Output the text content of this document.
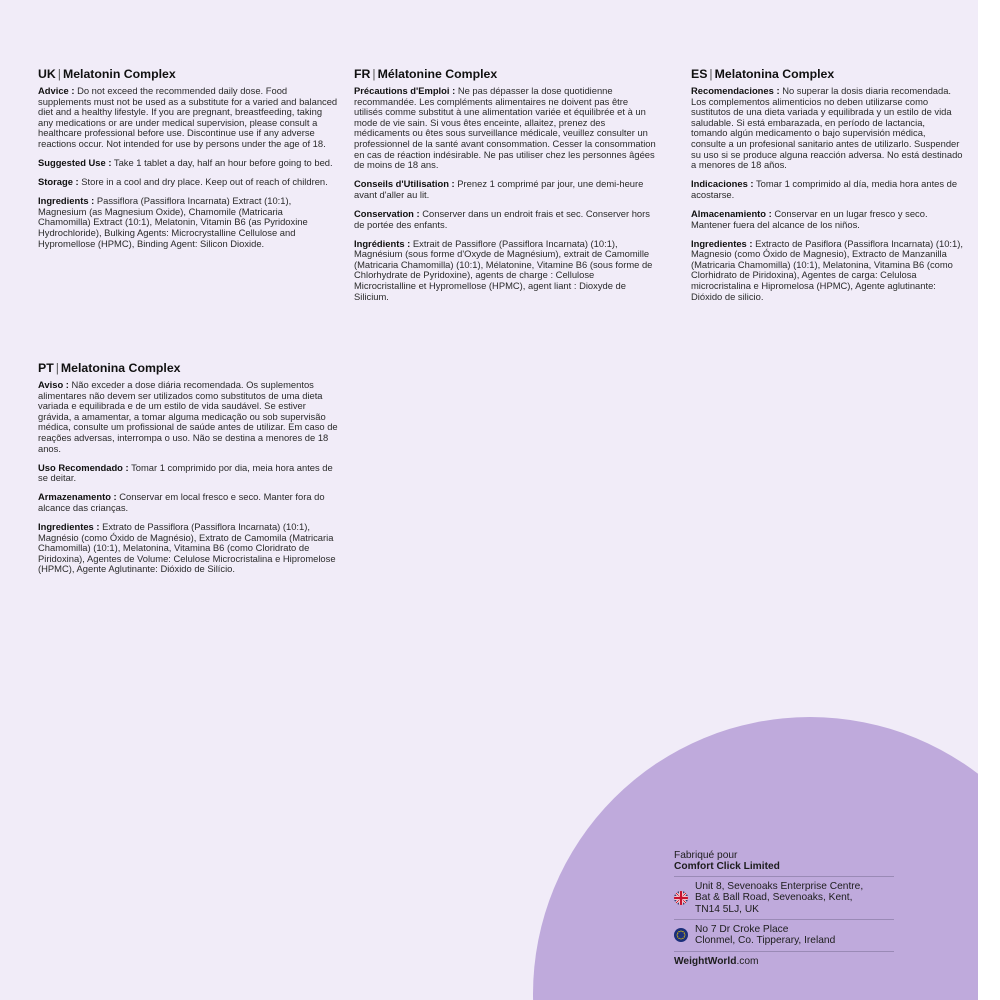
UK | Melatonin Complex

Advice : Do not exceed the recommended daily dose. Food supplements must not be used as a substitute for a varied and balanced diet and a healthy lifestyle. If you are pregnant, breastfeeding, taking any medications or are under medical supervision, please consult a healthcare professional before use. Discontinue use if any adverse reactions occur. Not intended for use by persons under the age of 18.

Suggested Use : Take 1 tablet a day, half an hour before going to bed.

Storage : Store in a cool and dry place. Keep out of reach of children.

Ingredients : Passiflora (Passiflora Incarnata) Extract (10:1), Magnesium (as Magnesium Oxide), Chamomile (Matricaria Chamomilla) Extract (10:1), Melatonin, Vitamin B6 (as Pyridoxine Hydrochloride), Bulking Agents: Microcrystalline Cellulose and Hypromellose (HPMC), Binding Agent: Silicon Dioxide.

FR | Mélatonine Complex

Précautions d'Emploi : Ne pas dépasser la dose quotidienne recommandée. Les compléments alimentaires ne doivent pas être utilisés comme substitut à une alimentation variée et équilibrée et à un mode de vie sain. Si vous êtes enceinte, allaitez, prenez des médicaments ou êtes sous surveillance médicale, veuillez consulter un professionnel de la santé avant consommation. Cesser la consommation en cas de réaction indésirable. Ne pas utiliser chez les personnes âgées de moins de 18 ans.

Conseils d'Utilisation : Prenez 1 comprimé par jour, une demi-heure avant d'aller au lit.

Conservation : Conserver dans un endroit frais et sec. Conserver hors de portée des enfants.

Ingrédients : Extrait de Passiflore (Passiflora Incarnata) (10:1), Magnésium (sous forme d'Oxyde de Magnésium), extrait de Camomille (Matricaria Chamomilla) (10:1), Mélatonine, Vitamine B6 (sous forme de Chlorhydrate de Pyridoxine), agents de charge : Cellulose Microcristalline et Hypromellose (HPMC), agent liant : Dioxyde de Silicium.

ES | Melatonina Complex

Recomendaciones : No superar la dosis diaria recomendada. Los complementos alimenticios no deben utilizarse como sustitutos de una dieta variada y equilibrada y un estilo de vida saludable. Si está embarazada, en período de lactancia, tomando algún medicamento o bajo supervisión médica, consulte a un profesional sanitario antes de utilizarlo. Suspender su uso si se produce alguna reacción adversa. No está destinado a menores de 18 años.

Indicaciones : Tomar 1 comprimido al día, media hora antes de acostarse.

Almacenamiento : Conservar en un lugar fresco y seco. Mantener fuera del alcance de los niños.

Ingredientes : Extracto de Pasiflora (Passiflora Incarnata) (10:1), Magnesio (como Óxido de Magnesio), Extracto de Manzanilla (Matricaria Chamomilla) (10:1), Melatonina, Vitamina B6 (como Clorhidrato de Piridoxina), Agentes de carga: Celulosa microcristalina e Hipromelosa (HPMC), Agente aglutinante: Dióxido de silicio.

PT | Melatonina Complex

Aviso : Não exceder a dose diária recomendada. Os suplementos alimentares não devem ser utilizados como substitutos de uma dieta variada e equilibrada e de um estilo de vida saudável. Se estiver grávida, a amamentar, a tomar alguma medicação ou sob supervisão médica, consulte um profissional de saúde antes de utilizar. Em caso de reações adversas, interrompa o uso. Não se destina a menores de 18 anos.

Uso Recomendado : Tomar 1 comprimido por dia, meia hora antes de se deitar.

Armazenamento : Conservar em local fresco e seco. Manter fora do alcance das crianças.

Ingredientes : Extrato de Passiflora (Passiflora Incarnata) (10:1), Magnésio (como Óxido de Magnésio), Extrato de Camomila (Matricaria Chamomilla) (10:1), Melatonina, Vitamina B6 (como Cloridrato de Piridoxina), Agentes de Volume: Celulose Microcristalina e Hipromelose (HPMC), Agente Aglutinante: Dióxido de Silício.

Fabriqué pour
Comfort Click Limited
Unit 8, Sevenoaks Enterprise Centre,
Bat & Ball Road, Sevenoaks, Kent,
TN14 5LJ, UK
No 7 Dr Croke Place
Clonmel, Co. Tipperary, Ireland
WeightWorld.com
